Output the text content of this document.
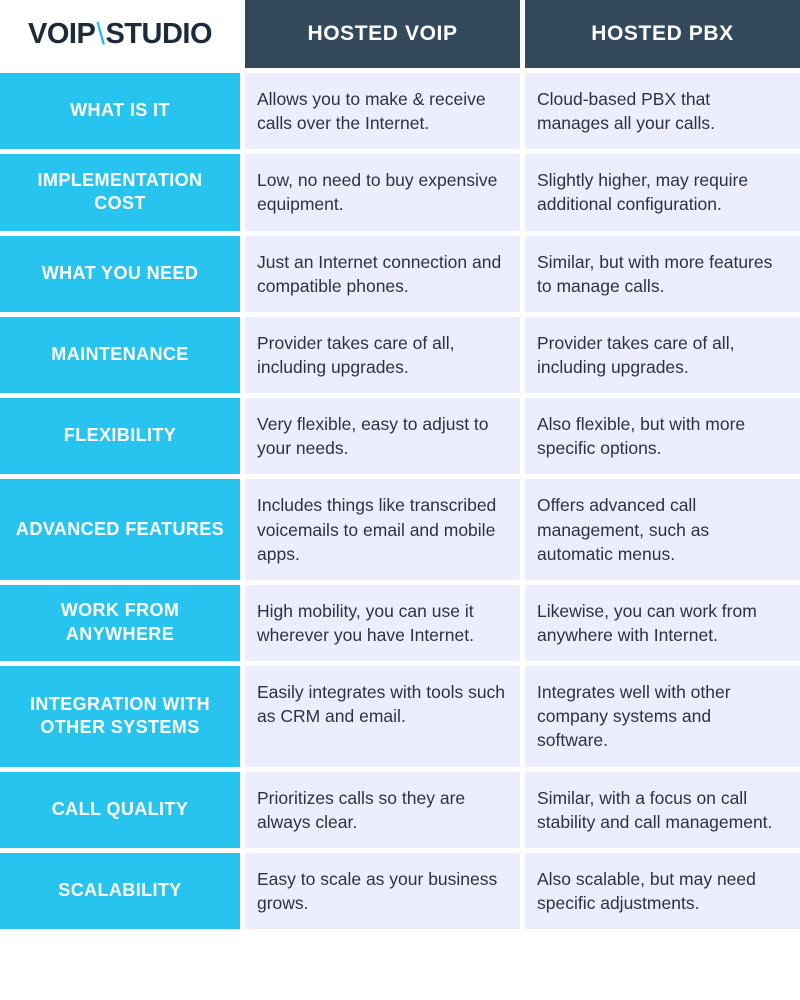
VOIP \ STUDIO	HOSTED VOIP	HOSTED PBX
WHAT IS IT
Allows you to make & receive calls over the Internet.
Cloud-based PBX that manages all your calls.
IMPLEMENTATION COST
Low, no need to buy expensive equipment.
Slightly higher, may require additional configuration.
WHAT YOU NEED
Just an Internet connection and compatible phones.
Similar, but with more features to manage calls.
MAINTENANCE
Provider takes care of all, including upgrades.
Provider takes care of all, including upgrades.
FLEXIBILITY
Very flexible, easy to adjust to your needs.
Also flexible, but with more specific options.
ADVANCED FEATURES
Includes things like transcribed voicemails to email and mobile apps.
Offers advanced call management, such as automatic menus.
WORK FROM ANYWHERE
High mobility, you can use it wherever you have Internet.
Likewise, you can work from anywhere with Internet.
INTEGRATION WITH OTHER SYSTEMS
Easily integrates with tools such as CRM and email.
Integrates well with other company systems and software.
CALL QUALITY
Prioritizes calls so they are always clear.
Similar, with a focus on call stability and call management.
SCALABILITY
Easy to scale as your business grows.
Also scalable, but may need specific adjustments.
